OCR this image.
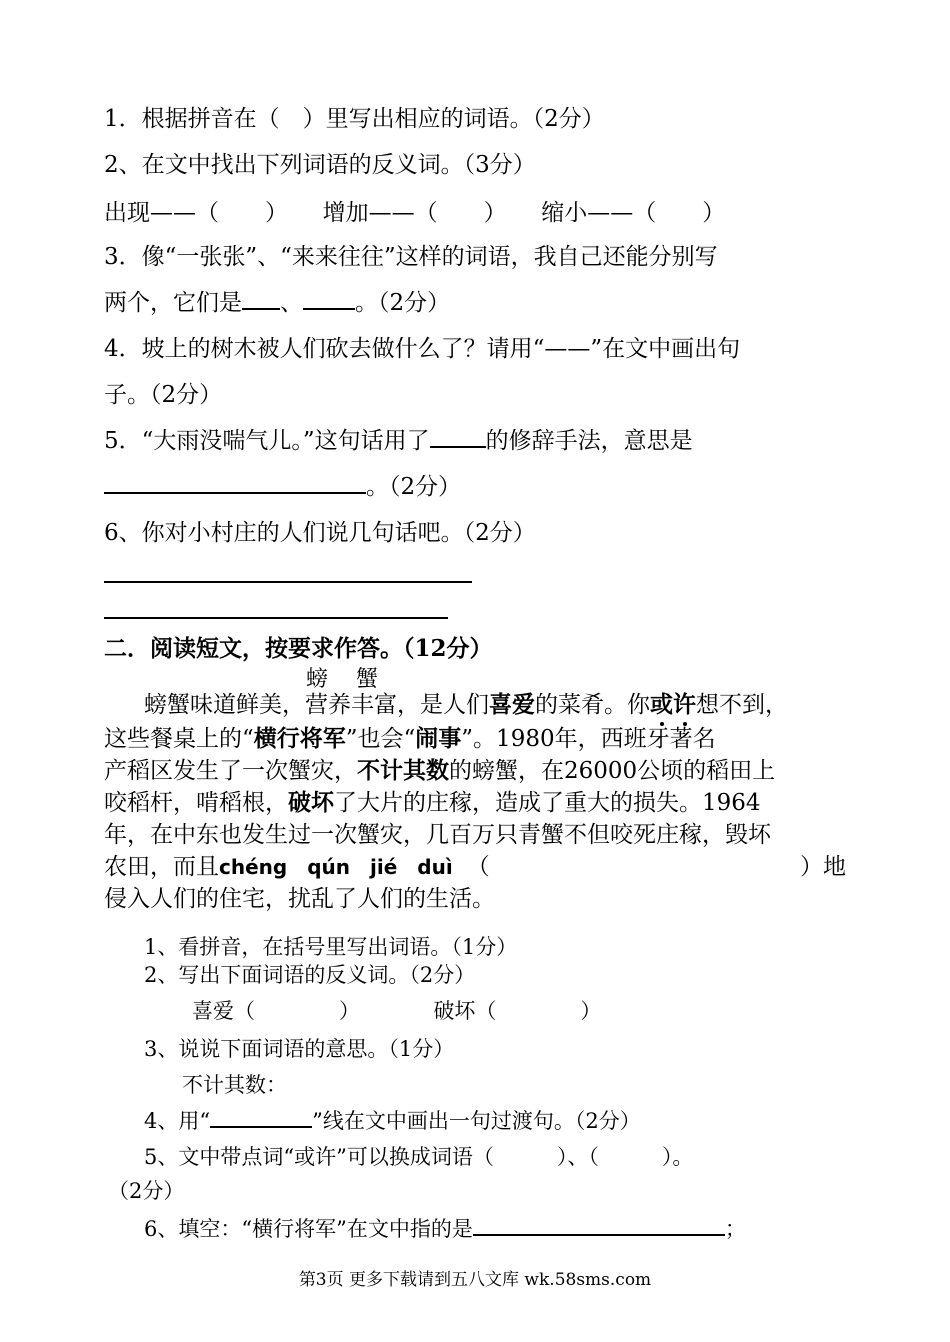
1．根据拼音在（　）里写出相应的词语。（2分）
2、在文中找出下列词语的反义词。（3分）
出现——（　　） 增加——（　　） 缩小——（　　）
3．像“一张张”、“来来往往”这样的词语，我自己还能分别写
两个，它们是 、 。（2分）
4．坡上的树木被人们砍去做什么了？请用“——”在文中画出句
子。（2分）
5．“大雨没喘气儿。”这句话用了 的修辞手法，意思是
。（2分）
6、你对小村庄的人们说几句话吧。（2分）
二．阅读短文，按要求作答。（12分）
螃蟹
螃蟹味道鲜美，营养丰富，是人们喜爱的菜肴。你或许想不到，
这些餐桌上的“横行将军”也会“闹事”。1980年，西班牙著名
产稻区发生了一次蟹灾，不计其数的螃蟹，在26000公顷的稻田上
咬稻杆，啃稻根，破坏了大片的庄稼，造成了重大的损失。1964
年，在中东也发生过一次蟹灾，几百万只青蟹不但咬死庄稼，毁坏
农田，而且chéng　qún　jié　duì （	）地
侵入人们的住宅，扰乱了人们的生活。
1、看拼音，在括号里写出词语。（1分）
2、写出下面词语的反义词。（2分）
喜爱（　　　　）	破坏（　　　　）
3、说说下面词语的意思。（1分）
不计其数：
4、用“	”线在文中画出一句过渡句。（2分）
5、文中带点词“或许”可以换成词语（　　　）、（　　　）。
（2分）
6、填空：“横行将军”在文中指的是	；
第3页 更多下载请到五八文库 wk.58sms.com
